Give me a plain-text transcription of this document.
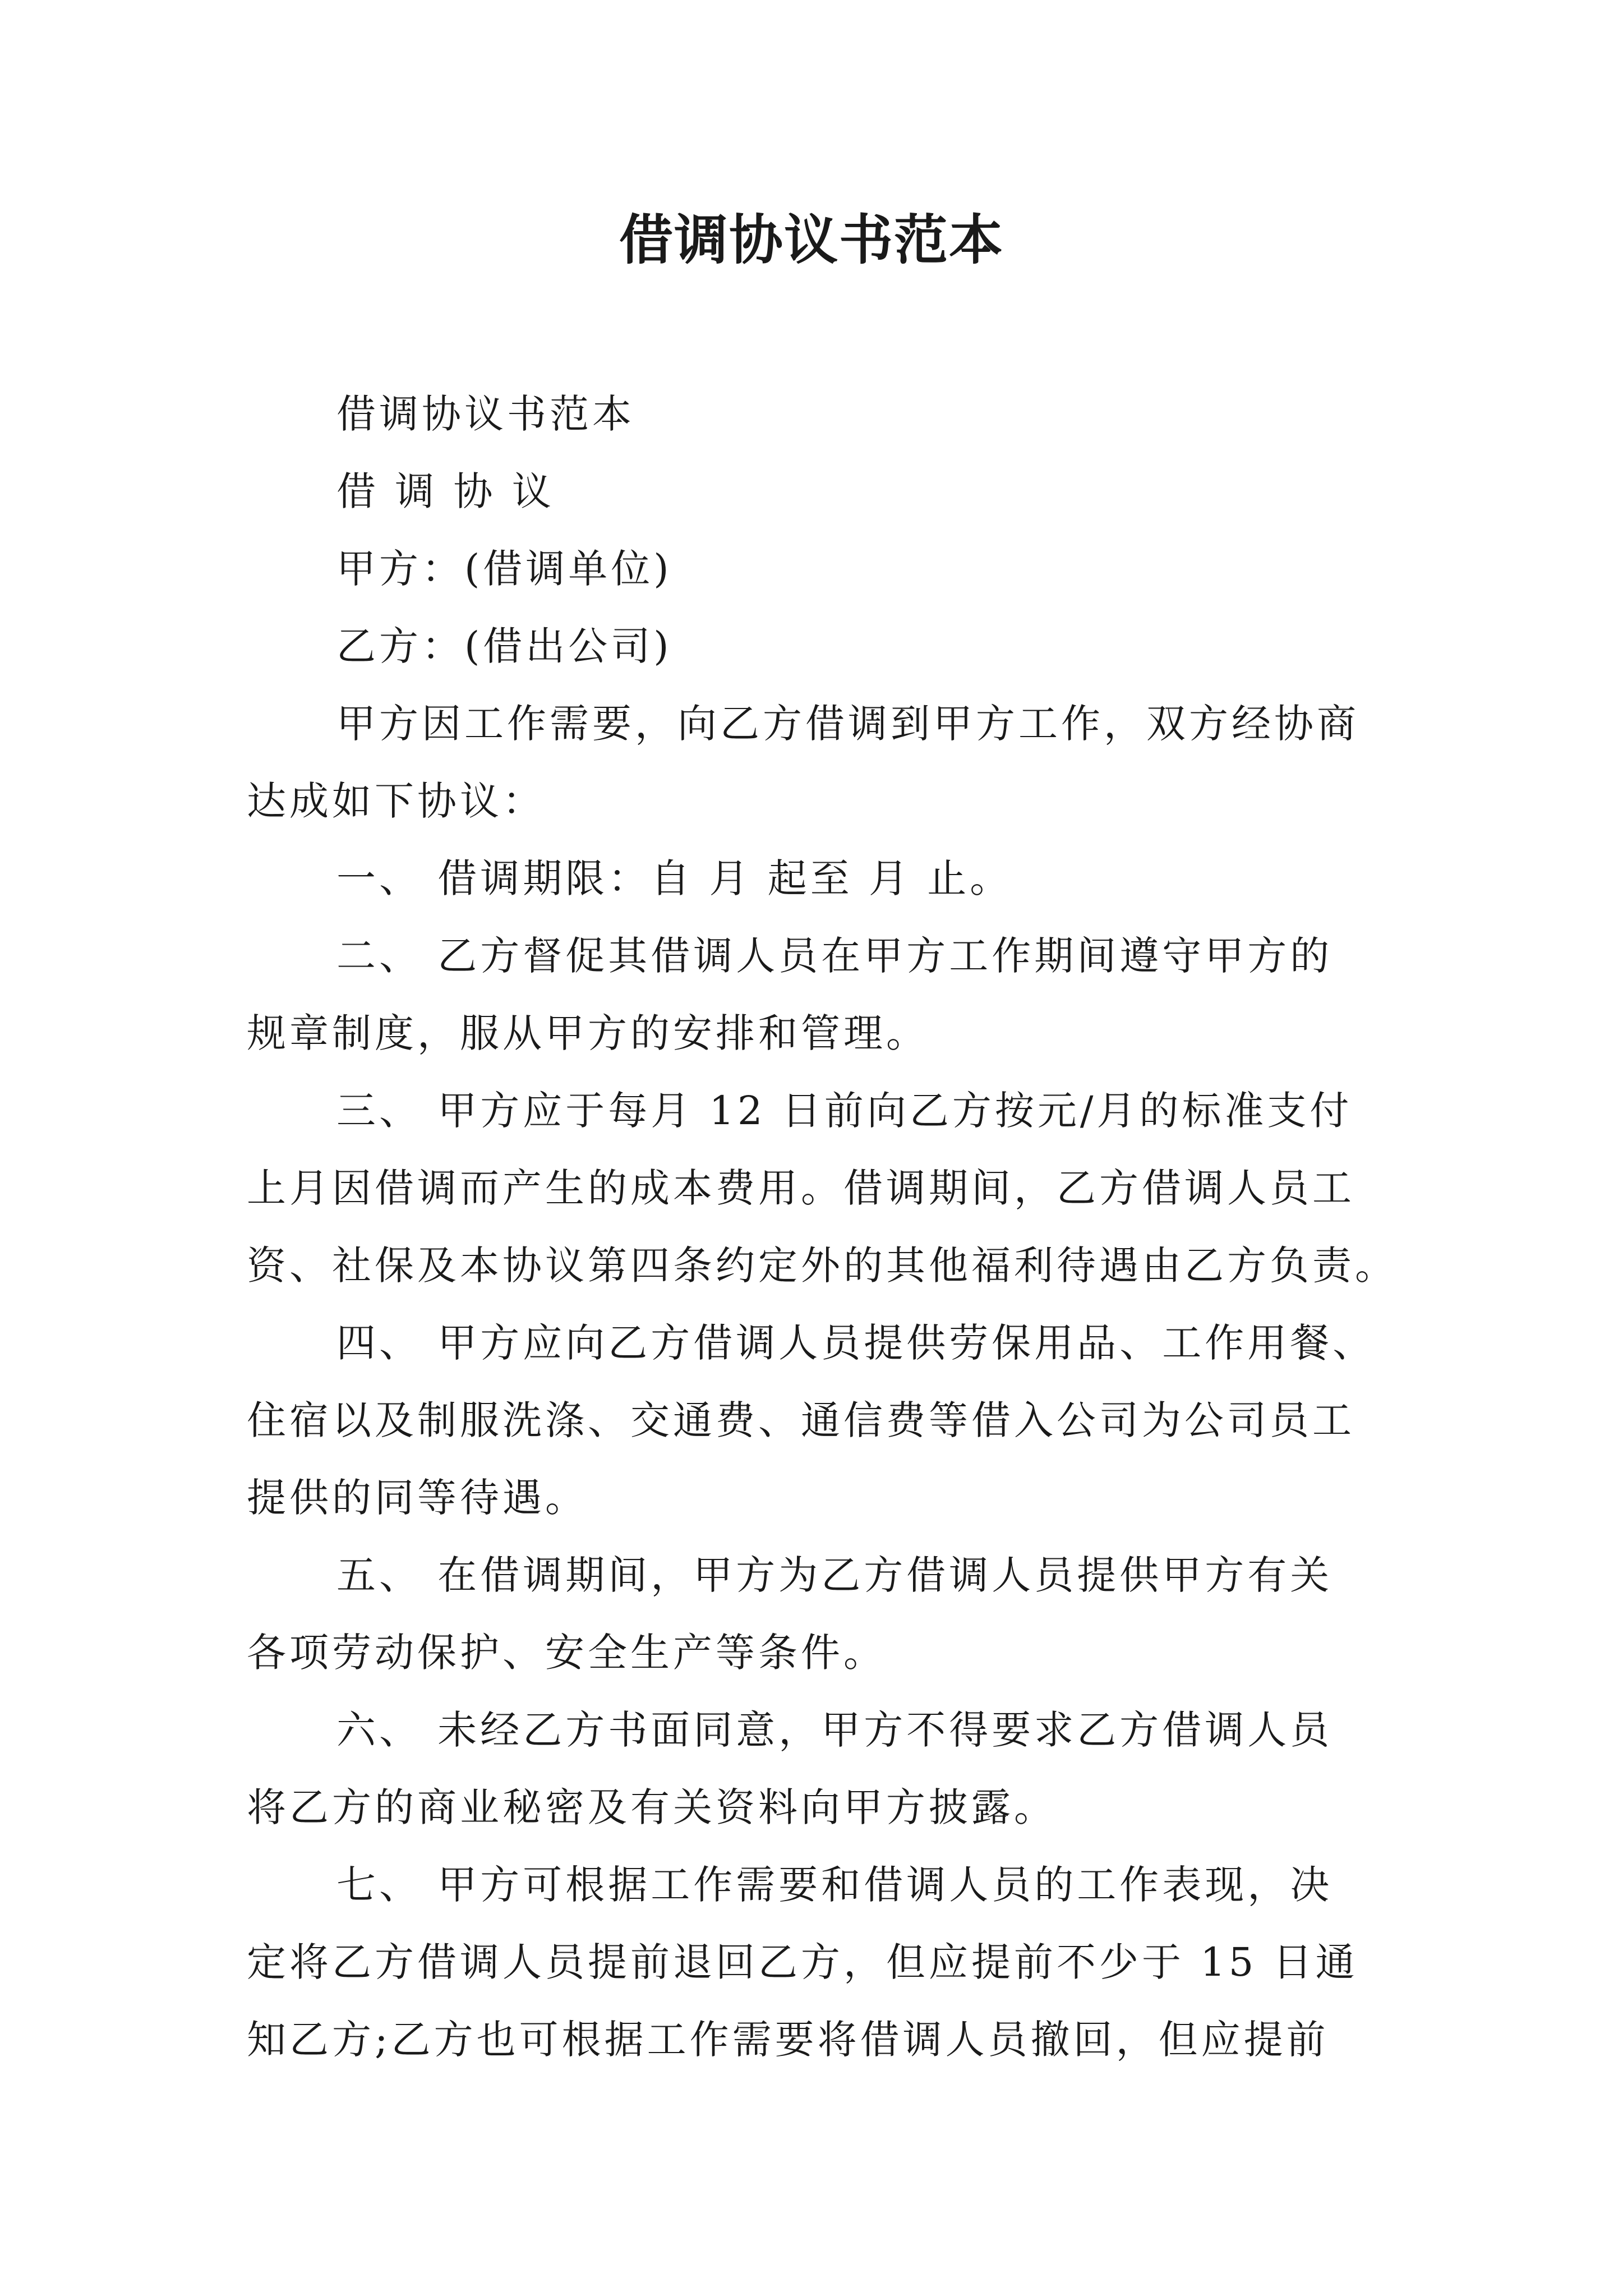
借调协议书范本
借调协议书范本
借 调 协 议
甲方：(借调单位)
乙方：(借出公司)
甲方因工作需要，向乙方借调到甲方工作，双方经协商
达成如下协议：
一、 借调期限：自 月 起至 月 止。
二、 乙方督促其借调人员在甲方工作期间遵守甲方的
规章制度，服从甲方的安排和管理。
三、 甲方应于每月 12 日前向乙方按元/月的标准支付
上月因借调而产生的成本费用。借调期间，乙方借调人员工
资、社保及本协议第四条约定外的其他福利待遇由乙方负责。
四、 甲方应向乙方借调人员提供劳保用品、工作用餐、
住宿以及制服洗涤、交通费、通信费等借入公司为公司员工
提供的同等待遇。
五、 在借调期间，甲方为乙方借调人员提供甲方有关
各项劳动保护、安全生产等条件。
六、 未经乙方书面同意，甲方不得要求乙方借调人员
将乙方的商业秘密及有关资料向甲方披露。
七、 甲方可根据工作需要和借调人员的工作表现，决
定将乙方借调人员提前退回乙方，但应提前不少于 15 日通
知乙方;乙方也可根据工作需要将借调人员撤回，但应提前
